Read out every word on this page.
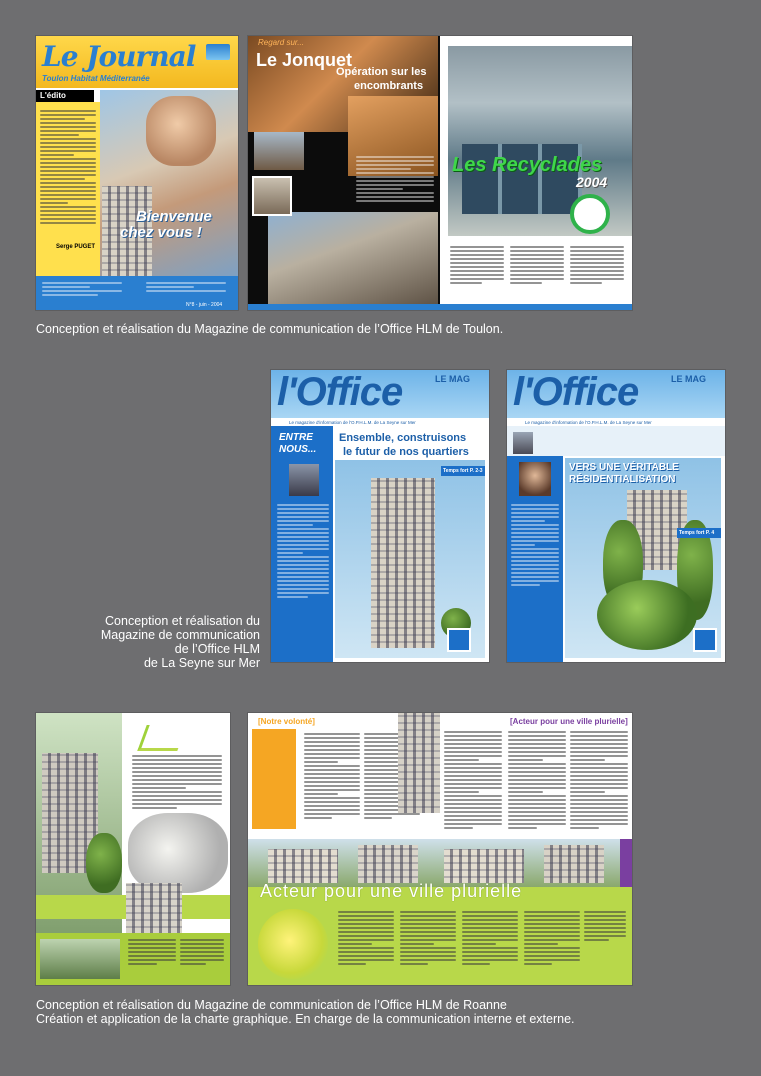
Le Journal
Toulon Habitat Méditerranée
L'édito
Serge PUGET
Bienvenue
chez vous !
N°8 - juin - 2004
Regard sur...
Le Jonquet
Opération sur les
encombrants
Les Recyclades
2004
Conception et réalisation du Magazine de communication de l’Office HLM de Toulon.
l'Office	LE MAG
Le magazine d'information de l'O.P.H.L.M. de La Seyne sur Mer
ENTRE
NOUS...
Ensemble, construisons
le futur de nos quartiers
Temps fort P. 2-3
l'Office	LE MAG
Le magazine d'information de l'O.P.H.L.M. de La Seyne sur Mer
VERS UNE VÉRITABLE
RÉSIDENTIALISATION
Temps fort P. 4
Conception et réalisation du
Magazine de communication
de l’Office HLM
de La Seyne sur Mer
[Notre volonté]	[Acteur pour une ville plurielle]
Acteur pour une ville plurielle
Conception et réalisation du Magazine de communication de l’Office HLM de Roanne
Création et application de la charte graphique. En charge de la communication interne et externe.
